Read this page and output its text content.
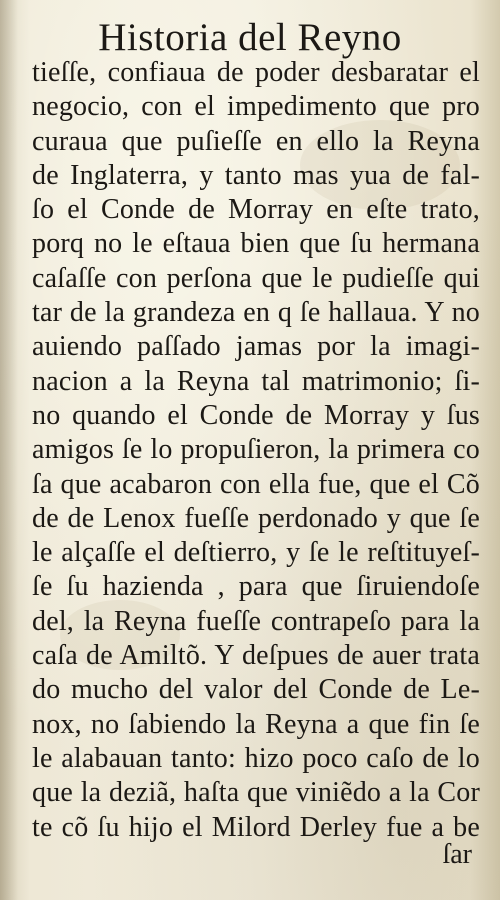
Historia del Reyno
tieſſe, confiaua de poder desbaratar el
negocio, con el impedimento que pro
curaua que puſieſſe en ello la Reyna
de Inglaterra, y tanto mas yua de fal-
ſo el Conde de Morray en eſte trato,
porq no le eſtaua bien que ſu hermana
caſaſſe con perſona que le pudieſſe qui
tar de la grandeza en q ſe hallaua. Y no
auiendo paſſado jamas por la imagi-
nacion a la Reyna tal matrimonio; ſi-
no quando el Conde de Morray y ſus
amigos ſe lo propuſieron, la primera co
ſa que acabaron con ella fue, que el Cõ
de de Lenox fueſſe perdonado y que ſe
le alçaſſe el deſtierro, y ſe le reſtituyeſ-
ſe ſu hazienda , para que ſiruiendoſe
del, la Reyna fueſſe contrapeſo para la
caſa de Amiltõ. Y deſpues de auer trata
do mucho del valor del Conde de Le-
nox, no ſabiendo la Reyna a que fin ſe
le alabauan tanto: hizo poco caſo de lo
que la deziã, haſta que viniẽdo a la Cor
te cõ ſu hijo el Milord Derley fue a be
ſar
